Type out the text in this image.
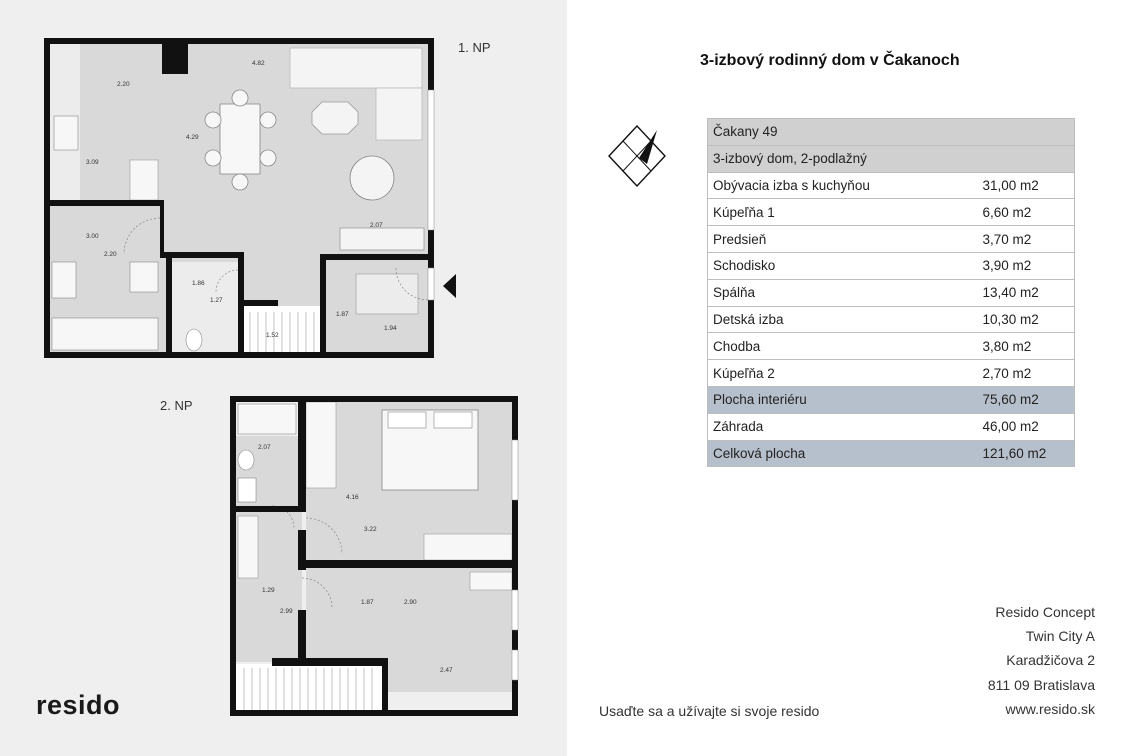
4.82
2.20
4.29
3.09
3.00
2.20
2.07
1.86
1.27
1.52
1.87
1.94
2.07
4.16
3.22
1.29
2.99
1.87	2.90
2.47
1. NP
2. NP
resido
3-izbový rodinný dom v Čakanoch
Čakany 49	
3-izbový dom, 2-podlažný	
Obývacia izba s kuchyňou	31,00 m2
Kúpeľňa 1	6,60 m2
Predsieň	3,70 m2
Schodisko	3,90 m2
Spálňa	13,40 m2
Detská izba	10,30 m2
Chodba	3,80 m2
Kúpeľňa 2	2,70 m2
Plocha interiéru	75,60 m2
Záhrada	46,00 m2
Celková plocha	121,60 m2
Resido Concept
Twin City A
Karadžičova 2
811 09 Bratislava
www.resido.sk
Usaďte sa a užívajte si svoje resido
